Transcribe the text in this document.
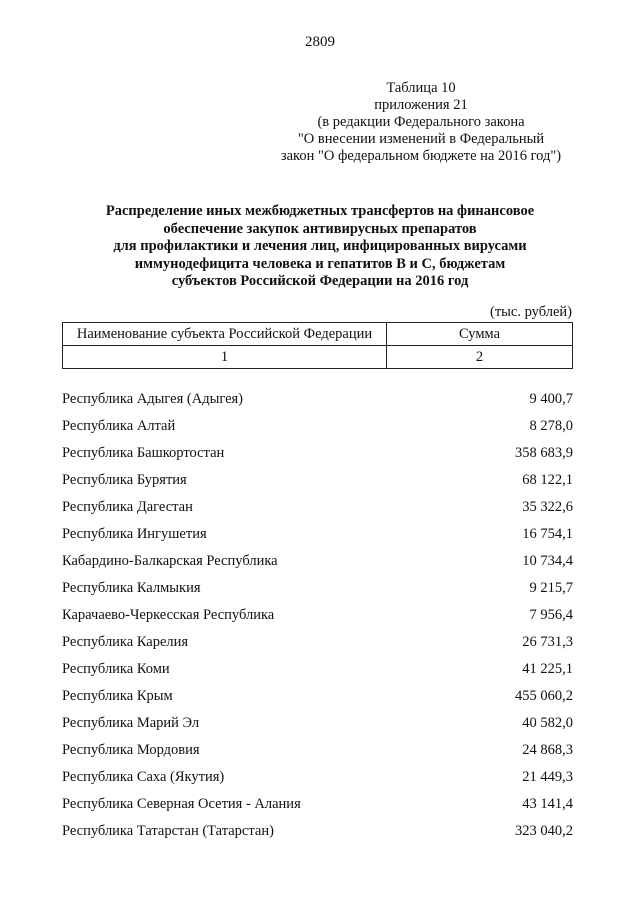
2809
Таблица 10
приложения 21
(в редакции Федерального закона
"О внесении изменений в Федеральный
закон "О федеральном бюджете на 2016 год")
Распределение иных межбюджетных трансфертов на финансовое
обеспечение закупок антивирусных препаратов
для профилактики и лечения лиц, инфицированных вирусами
иммунодефицита человека и гепатитов В и С, бюджетам
субъектов Российской Федерации на 2016 год
(тыс. рублей)
Наименование субъекта Российской Федерации	Сумма
1	2
Республика Адыгея (Адыгея)	9 400,7
Республика Алтай	8 278,0
Республика Башкортостан	358 683,9
Республика Бурятия	68 122,1
Республика Дагестан	35 322,6
Республика Ингушетия	16 754,1
Кабардино-Балкарская Республика	10 734,4
Республика Калмыкия	9 215,7
Карачаево-Черкесская Республика	7 956,4
Республика Карелия	26 731,3
Республика Коми	41 225,1
Республика Крым	455 060,2
Республика Марий Эл	40 582,0
Республика Мордовия	24 868,3
Республика Саха (Якутия)	21 449,3
Республика Северная Осетия - Алания	43 141,4
Республика Татарстан (Татарстан)	323 040,2
